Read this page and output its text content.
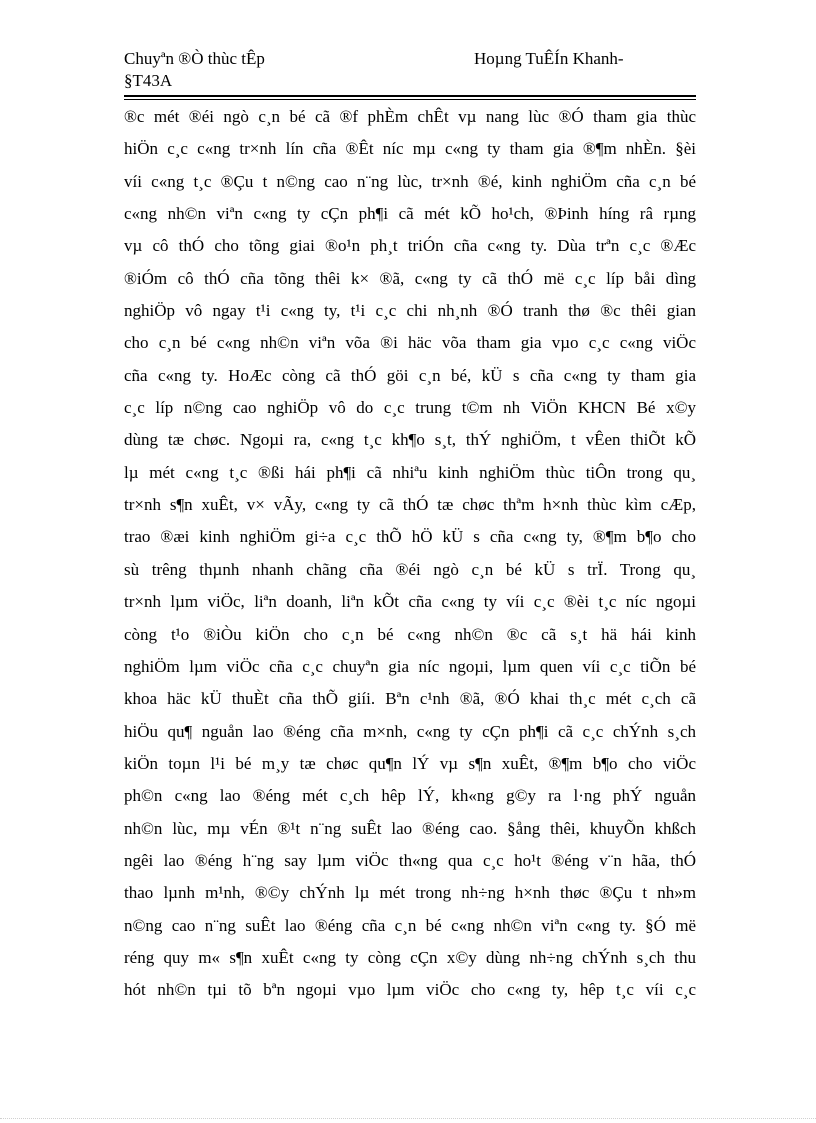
Chuyªn ®Ò thùc tÊp
§T43A
Hoµng TuÊÍn Khanh-
®c mét ®éi ngò c¸n bé cã ®f phÈm chÊt vµ nang lùc ®Ó tham gia thùc
hiÖn c¸c c«ng tr×nh lín cña ®Êt níc mµ c«ng ty tham gia ®¶m nhÈn. §èi
víi c«ng t¸c ®Çu t n©ng cao n¨ng lùc, tr×nh ®é, kinh nghiÖm cña c¸n bé
c«ng nh©n viªn c«ng ty cÇn ph¶i cã mét kÕ ho¹ch, ®Þinh híng râ rµng
vµ cô thÓ cho tõng giai ®o¹n ph¸t triÓn cña c«ng ty. Dùa trªn c¸c ®Æc
®iÓm cô thÓ cña tõng thêi k× ®ã, c«ng ty cã thÓ më c¸c líp båi dìng
nghiÖp vô ngay t¹i c«ng ty, t¹i c¸c chi nh¸nh ®Ó tranh thø ®c thêi gian
cho c¸n bé c«ng nh©n viªn võa ®i häc võa tham gia vµo c¸c c«ng viÖc
cña c«ng ty. HoÆc còng cã thÓ göi c¸n bé, kÜ s cña c«ng ty tham gia
c¸c líp n©ng cao nghiÖp vô do c¸c trung t©m nh ViÖn KHCN Bé x©y
dùng tæ chøc. Ngoµi ra, c«ng t¸c kh¶o s¸t, thÝ nghiÖm, t vÊen thiÕt kÕ
lµ mét c«ng t¸c ®ßi hái ph¶i cã nhiªu kinh nghiÖm thùc tiÔn trong qu¸
tr×nh s¶n xuÊt, v× vÃy, c«ng ty cã thÓ tæ chøc thªm h×nh thùc kìm cÆp,
trao ®æi kinh nghiÖm gi÷a c¸c thÕ hÖ kÜ s cña c«ng ty, ®¶m b¶o cho
sù trêng thµnh nhanh chãng cña ®éi ngò c¸n bé kÜ s trÏ. Trong qu¸
tr×nh lµm viÖc, liªn doanh, liªn kÕt cña c«ng ty víi c¸c ®èi t¸c níc ngoµi
còng t¹o ®iÒu kiÖn cho c¸n bé c«ng nh©n ®c cã s¸t hä hái kinh
nghiÖm lµm viÖc cña c¸c chuyªn gia níc ngoµi, lµm quen víi c¸c tiÕn bé
khoa häc kÜ thuÈt cña thÕ giíi. Bªn c¹nh ®ã, ®Ó khai th¸c mét c¸ch cã
hiÖu qu¶ nguån lao ®éng cña m×nh, c«ng ty cÇn ph¶i cã c¸c chÝnh s¸ch
kiÖn toµn l¹i bé m¸y tæ chøc qu¶n lÝ vµ s¶n xuÊt, ®¶m b¶o cho viÖc
ph©n c«ng lao ®éng mét c¸ch hêp lÝ, kh«ng g©y ra l·ng phÝ nguån
nh©n lùc, mµ vÉn ®¹t n¨ng suÊt lao ®éng cao. §ång thêi, khuyÕn khßch
ngêi lao ®éng h¨ng say lµm viÖc th«ng qua c¸c ho¹t ®éng v¨n hãa, thÓ
thao lµnh m¹nh, ®©y chÝnh lµ mét trong nh÷ng h×nh thøc ®Çu t nh»m
n©ng cao n¨ng suÊt lao ®éng cña c¸n bé c«ng nh©n viªn c«ng ty. §Ó më
réng quy m« s¶n xuÊt c«ng ty còng cÇn x©y dùng nh÷ng chÝnh s¸ch thu
hót nh©n tµi tõ bªn ngoµi vµo lµm viÖc cho c«ng ty, hêp t¸c víi c¸c
